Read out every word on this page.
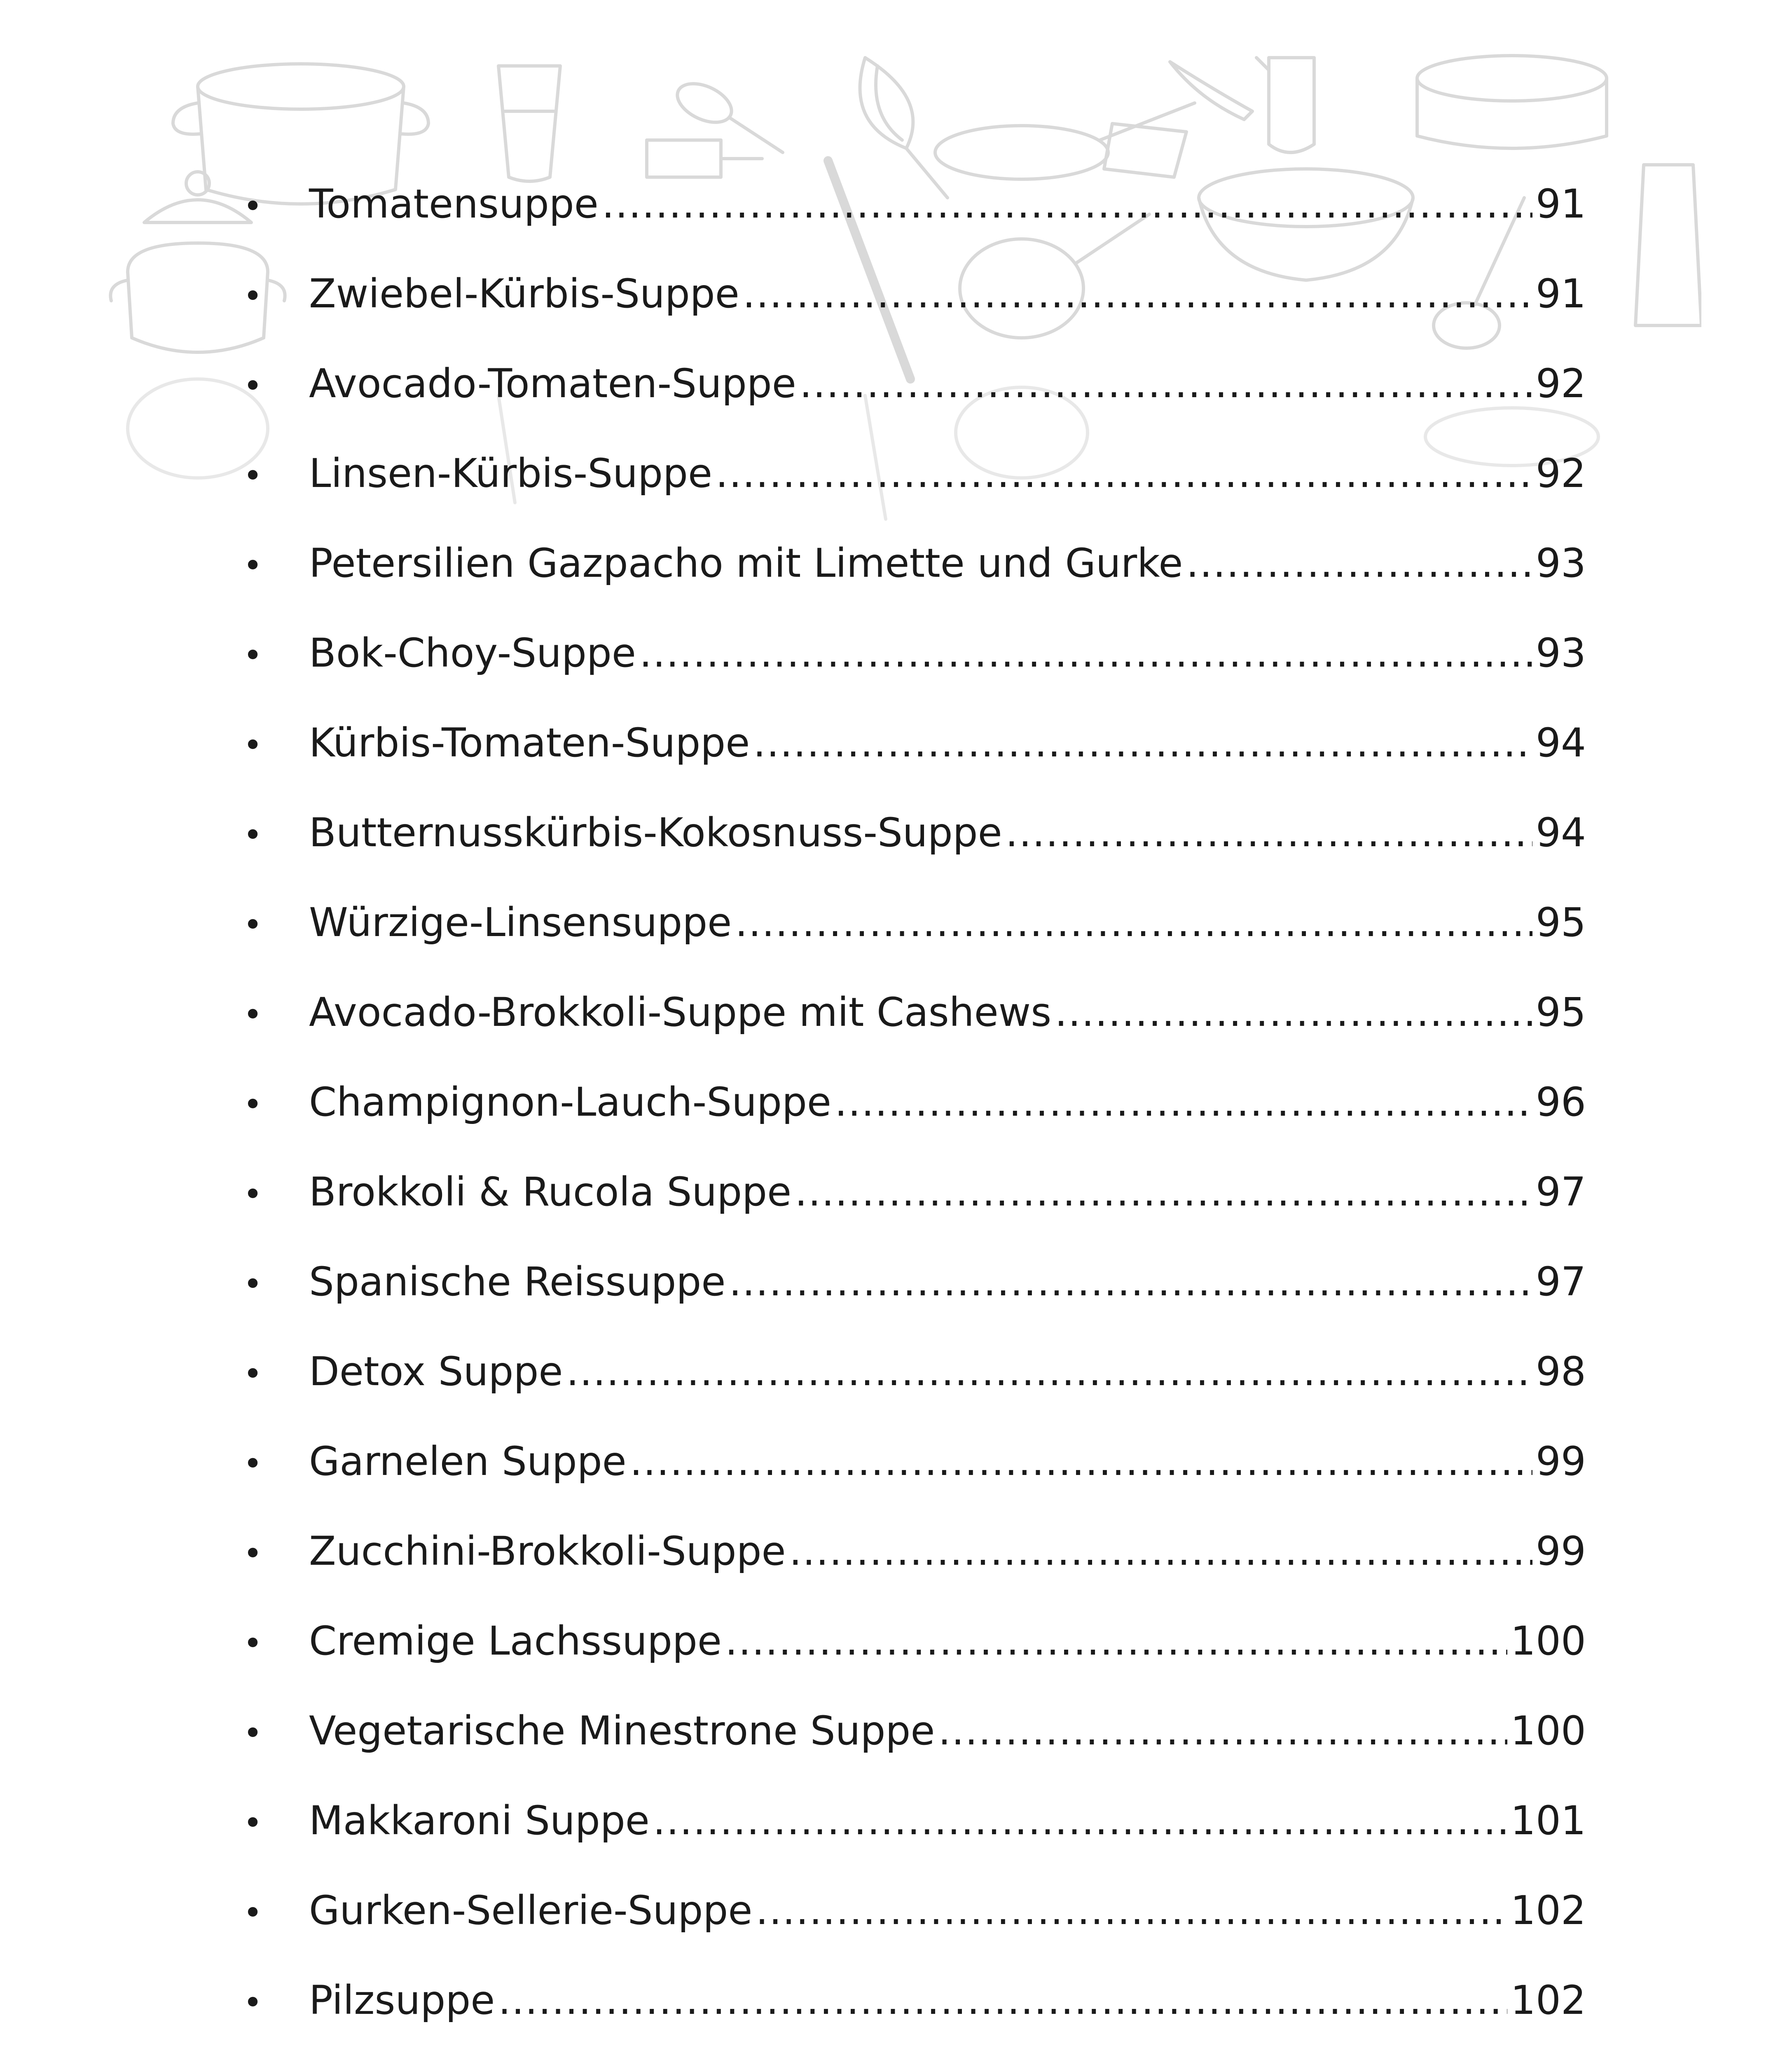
•	Tomatensuppe .....	91
•	Zwiebel-Kürbis-Suppe .....	91
•	Avocado-Tomaten-Suppe .....	92
•	Linsen-Kürbis-Suppe .....	92
•	Petersilien Gazpacho mit Limette und Gurke .....	93
•	Bok-Choy-Suppe .....	93
•	Kürbis-Tomaten-Suppe .....	94
•	Butternusskürbis-Kokosnuss-Suppe .....	94
•	Würzige-Linsensuppe .....	95
•	Avocado-Brokkoli-Suppe mit Cashews .....	95
•	Champignon-Lauch-Suppe .....	96
•	Brokkoli & Rucola Suppe .....	97
•	Spanische Reissuppe .....	97
•	Detox Suppe .....	98
•	Garnelen Suppe .....	99
•	Zucchini-Brokkoli-Suppe .....	99
•	Cremige Lachssuppe .....	100
•	Vegetarische Minestrone Suppe .....	100
•	Makkaroni Suppe .....	101
•	Gurken-Sellerie-Suppe .....	102
•	Pilzsuppe .....	102
.....
